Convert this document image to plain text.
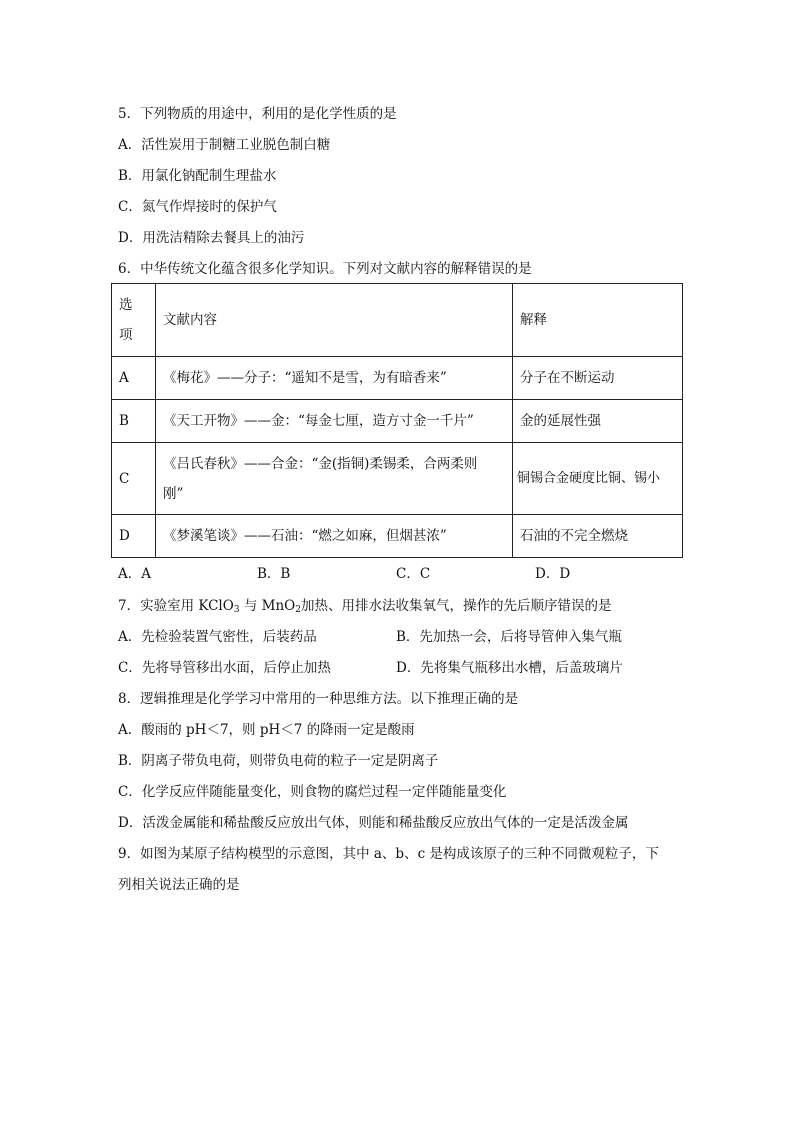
5．下列物质的用途中，利用的是化学性质的是
A．活性炭用于制糖工业脱色制白糖
B．用氯化钠配制生理盐水
C．氮气作焊接时的保护气
D．用洗洁精除去餐具上的油污
6．中华传统文化蕴含很多化学知识。下列对文献内容的解释错误的是
选项	文献内容	解释
A	《梅花》——分子：“遥知不是雪，为有暗香来”	分子在不断运动
B	《天工开物》——金：“每金七厘，造方寸金一千片”	金的延展性强
C	《吕氏春秋》——合金：“金(指铜)柔锡柔，合两柔则刚”	铜锡合金硬度比铜、锡小
D	《梦溪笔谈》——石油：“燃之如麻，但烟甚浓”	石油的不完全燃烧
A．A	B．B	C．C	D．D
7．实验室用 KClO$_3$ 与 MnO$_2$加热、用排水法收集氧气，操作的先后顺序错误的是
A．先检验装置气密性，后装药品	B．先加热一会，后将导管伸入集气瓶
C．先将导管移出水面，后停止加热	D．先将集气瓶移出水槽，后盖玻璃片
8．逻辑推理是化学学习中常用的一种思维方法。以下推理正确的是
A．酸雨的 pH＜7，则 pH＜7 的降雨一定是酸雨
B．阴离子带负电荷，则带负电荷的粒子一定是阴离子
C．化学反应伴随能量变化，则食物的腐烂过程一定伴随能量变化
D．活泼金属能和稀盐酸反应放出气体，则能和稀盐酸反应放出气体的一定是活泼金属
9．如图为某原子结构模型的示意图，其中 a、b、c 是构成该原子的三种不同微观粒子，下
列相关说法正确的是
